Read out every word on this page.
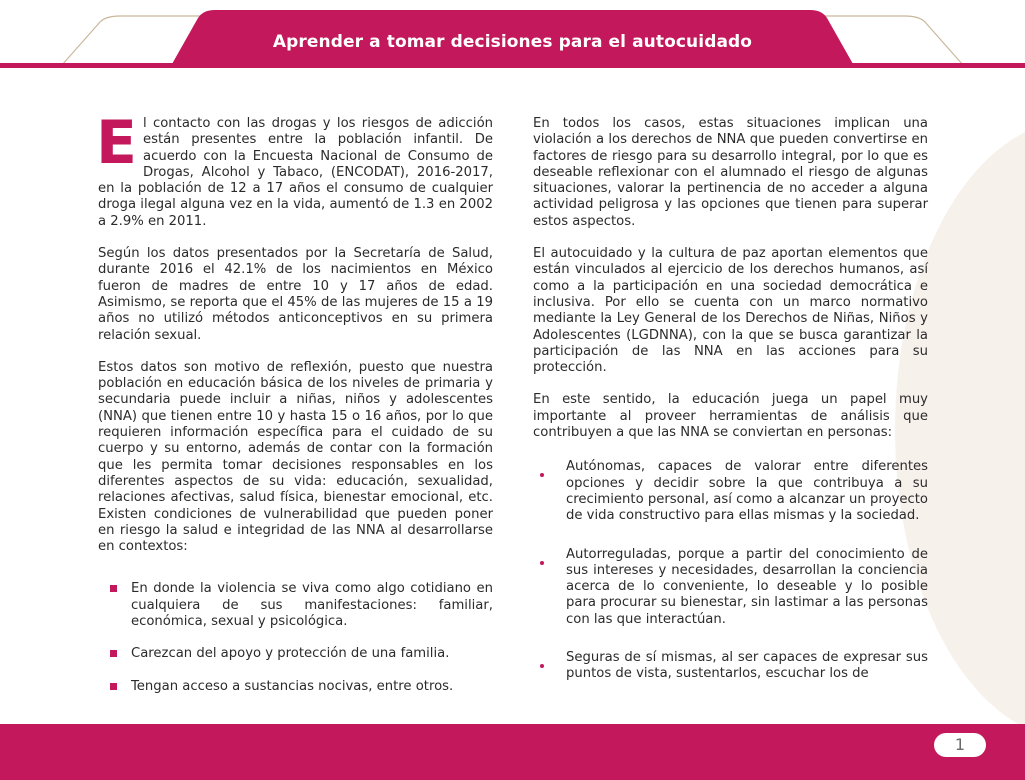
Aprender a tomar decisiones para el autocuidado

El contacto con las drogas y los riesgos de adicción están presentes entre la población infantil. De acuerdo con la Encuesta Nacional de Consumo de Drogas, Alcohol y Tabaco, (ENCODAT), 2016-2017, en la población de 12 a 17 años el consumo de cualquier droga ilegal alguna vez en la vida, aumentó de 1.3 en 2002 a 2.9% en 2011.

Según los datos presentados por la Secretaría de Salud, durante 2016 el 42.1% de los nacimientos en México fueron de madres de entre 10 y 17 años de edad. Asimismo, se reporta que el 45% de las mujeres de 15 a 19 años no utilizó métodos anticonceptivos en su primera relación sexual.

Estos datos son motivo de reflexión, puesto que nuestra población en educación básica de los niveles de primaria y secundaria puede incluir a niñas, niños y adolescentes (NNA) que tienen entre 10 y hasta 15 o 16 años, por lo que requieren información específica para el cuidado de su cuerpo y su entorno, además de contar con la formación que les permita tomar decisiones responsables en los diferentes aspectos de su vida: educación, sexualidad, relaciones afectivas, salud física, bienestar emocional, etc. Existen condiciones de vulnerabilidad que pueden poner en riesgo la salud e integridad de las NNA al desarrollarse en contextos:

En donde la violencia se viva como algo cotidiano en cualquiera de sus manifestaciones: familiar, económica, sexual y psicológica.
Carezcan del apoyo y protección de una familia.
Tengan acceso a sustancias nocivas, entre otros.

En todos los casos, estas situaciones implican una violación a los derechos de NNA que pueden convertirse en factores de riesgo para su desarrollo integral, por lo que es deseable reflexionar con el alumnado el riesgo de algunas situaciones, valorar la pertinencia de no acceder a alguna actividad peligrosa y las opciones que tienen para superar estos aspectos.

El autocuidado y la cultura de paz aportan elementos que están vinculados al ejercicio de los derechos humanos, así como a la participación en una sociedad democrática e inclusiva. Por ello se cuenta con un marco normativo mediante la Ley General de los Derechos de Niñas, Niños y Adolescentes (LGDNNA), con la que se busca garantizar la participación de las NNA en las acciones para su protección.

En este sentido, la educación juega un papel muy importante al proveer herramientas de análisis que contribuyen a que las NNA se conviertan en personas:

Autónomas, capaces de valorar entre diferentes opciones y decidir sobre la que contribuya a su crecimiento personal, así como a alcanzar un proyecto de vida constructivo para ellas mismas y la sociedad.
Autorreguladas, porque a partir del conocimiento de sus intereses y necesidades, desarrollan la conciencia acerca de lo conveniente, lo deseable y lo posible para procurar su bienestar, sin lastimar a las personas con las que interactúan.
Seguras de sí mismas, al ser capaces de expresar sus puntos de vista, sustentarlos, escuchar los de
1
